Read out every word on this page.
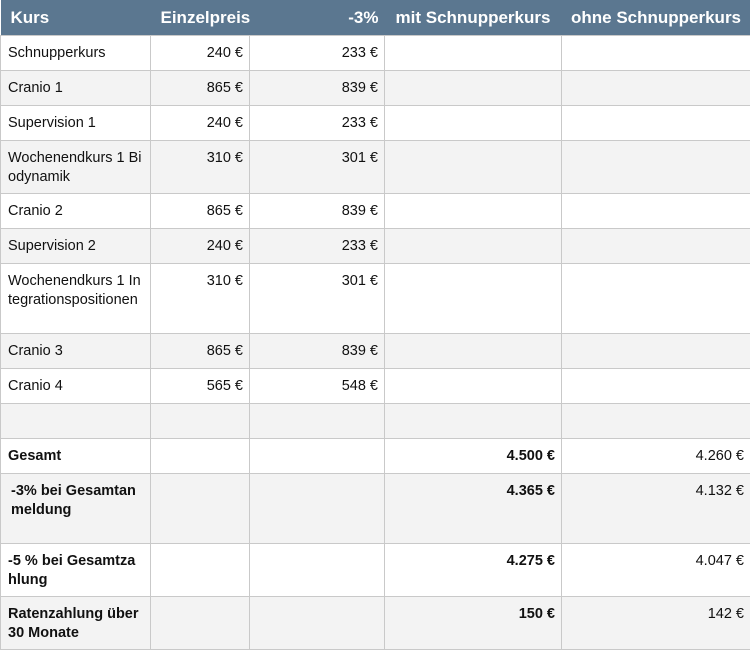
Kurs	Einzelpreis	-3%	mit Schnupperkurs	ohne Schnupperkurs
Schnupperkurs	240 €	233 €		
Cranio 1	865 €	839 €		
Supervision 1	240 €	233 €		
Wochenendkurs 1 Biodynamik	310 €	301 €		
Cranio 2	865 €	839 €		
Supervision 2	240 €	233 €		
Wochenendkurs 1 Integrationspositionen	310 €	301 €		
Cranio 3	865 €	839 €		
Cranio 4	565 €	548 €		

Gesamt			4.500 €	4.260 €
-3% bei Gesamtanmeldung			4.365 €	4.132 €
-5 % bei Gesamtzahlung			4.275 €	4.047 €
Ratenzahlung über 30 Monate			150 €	142 €
